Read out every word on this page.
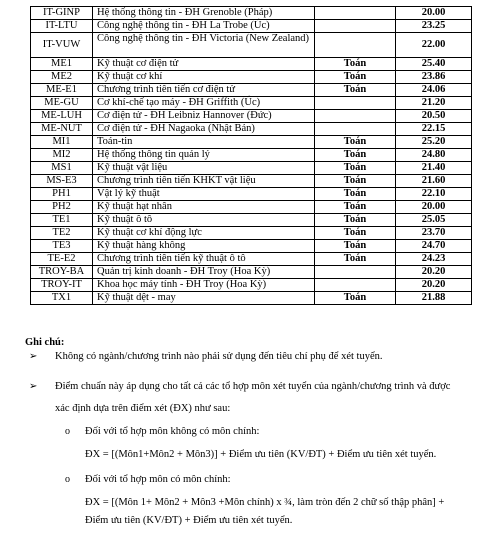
IT-GINP	Hệ thống thông tin - ĐH Grenoble (Pháp)		20.00
IT-LTU	Công nghệ thông tin - ĐH La Trobe (Úc)		23.25
IT-VUW	Công nghệ thông tin - ĐH Victoria (New Zealand)		22.00
ME1	Kỹ thuật cơ điện tử	Toán	25.40
ME2	Kỹ thuật cơ khí	Toán	23.86
ME-E1	Chương trình tiên tiến cơ điện tử	Toán	24.06
ME-GU	Cơ khí-chế tạo máy - ĐH Griffith (Úc)		21.20
ME-LUH	Cơ điện tử - ĐH Leibniz Hannover (Đức)		20.50
ME-NUT	Cơ điện tử - ĐH Nagaoka (Nhật Bản)		22.15
MI1	Toán-tin	Toán	25.20
MI2	Hệ thống thông tin quản lý	Toán	24.80
MS1	Kỹ thuật vật liệu	Toán	21.40
MS-E3	Chương trình tiên tiến KHKT vật liệu	Toán	21.60
PH1	Vật lý kỹ thuật	Toán	22.10
PH2	Kỹ thuật hạt nhân	Toán	20.00
TE1	Kỹ thuật ô tô	Toán	25.05
TE2	Kỹ thuật cơ khí động lực	Toán	23.70
TE3	Kỹ thuật hàng không	Toán	24.70
TE-E2	Chương trình tiên tiến kỹ thuật ô tô	Toán	24.23
TROY-BA	Quản trị kinh doanh - ĐH Troy (Hoa Kỳ)		20.20
TROY-IT	Khoa học máy tính - ĐH Troy (Hoa Kỳ)		20.20
TX1	Kỹ thuật dệt - may	Toán	21.88
Ghi chú:
➢ Không có ngành/chương trình nào phải sử dụng đến tiêu chí phụ để xét tuyển.
➢ Điểm chuẩn này áp dụng cho tất cả các tổ hợp môn xét tuyển của ngành/chương trình và được
xác định dựa trên điểm xét (ĐX) như sau:
o Đối với tổ hợp môn không có môn chính:
ĐX = [(Môn1+Môn2 + Môn3)] + Điểm ưu tiên (KV/ĐT) + Điểm ưu tiên xét tuyển.
o Đối với tổ hợp môn có môn chính:
ĐX = [(Môn 1+ Môn2 + Môn3 +Môn chính) x ¾, làm tròn đến 2 chữ số thập phân] +
Điểm ưu tiên (KV/ĐT) + Điểm ưu tiên xét tuyển.
